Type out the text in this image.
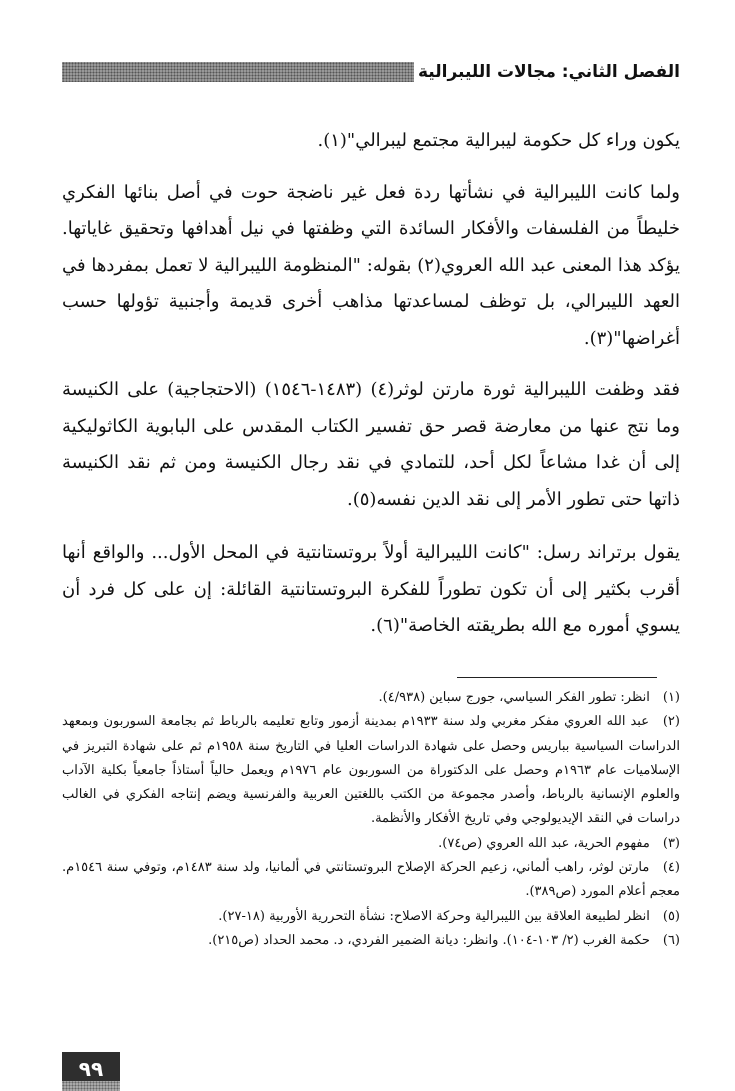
الفصل الثاني: مجالات الليبرالية

يكون وراء كل حكومة ليبرالية مجتمع ليبرالي"(١).

ولما كانت الليبرالية في نشأتها ردة فعل غير ناضجة حوت في أصل بنائها الفكري خليطاً من الفلسفات والأفكار السائدة التي وظفتها في نيل أهدافها وتحقيق غاياتها. يؤكد هذا المعنى عبد الله العروي(٢) بقوله: "المنظومة الليبرالية لا تعمل بمفردها في العهد الليبرالي، بل توظف لمساعدتها مذاهب أخرى قديمة وأجنبية تؤولها حسب أغراضها"(٣).

فقد وظفت الليبرالية ثورة مارتن لوثر(٤) (١٤٨٣-١٥٤٦) (الاحتجاجية) على الكنيسة وما نتج عنها من معارضة قصر حق تفسير الكتاب المقدس على البابوية الكاثوليكية إلى أن غدا مشاعاً لكل أحد، للتمادي في نقد رجال الكنيسة ومن ثم نقد الكنيسة ذاتها حتى تطور الأمر إلى نقد الدين نفسه(٥).

يقول برتراند رسل: "كانت الليبرالية أولاً بروتستانتية في المحل الأول... والواقع أنها أقرب بكثير إلى أن تكون تطوراً للفكرة البروتستانتية القائلة: إن على كل فرد أن يسوي أموره مع الله بطريقته الخاصة"(٦).

(١) انظر: تطور الفكر السياسي، جورج سباين (٤/٩٣٨).
(٢) عبد الله العروي مفكر مغربي ولد سنة ١٩٣٣م بمدينة أزمور وتابع تعليمه بالرباط ثم بجامعة السوربون وبمعهد الدراسات السياسية بباريس وحصل على شهادة الدراسات العليا في التاريخ سنة ١٩٥٨م ثم على شهادة التبريز في الإسلاميات عام ١٩٦٣م وحصل على الدكتوراة من السوربون عام ١٩٧٦م ويعمل حالياً أستاذاً جامعياً بكلية الآداب والعلوم الإنسانية بالرباط، وأصدر مجموعة من الكتب باللغتين العربية والفرنسية ويضم إنتاجه الفكري في الغالب دراسات في النقد الإيديولوجي وفي تاريخ الأفكار والأنظمة.
(٣) مفهوم الحرية، عبد الله العروي (ص٧٤).
(٤) مارتن لوثر، راهب ألماني، زعيم الحركة الإصلاح البروتستانتي في ألمانيا، ولد سنة ١٤٨٣م، وتوفي سنة ١٥٤٦م. معجم أعلام المورد (ص٣٨٩).
(٥) انظر لطبيعة العلاقة بين الليبرالية وحركة الاصلاح: نشأة التحررية الأوربية (١٨-٢٧).
(٦) حكمة الغرب (٢/ ١٠٣-١٠٤). وانظر: ديانة الضمير الفردي، د. محمد الحداد (ص٢١٥).
٩٩
